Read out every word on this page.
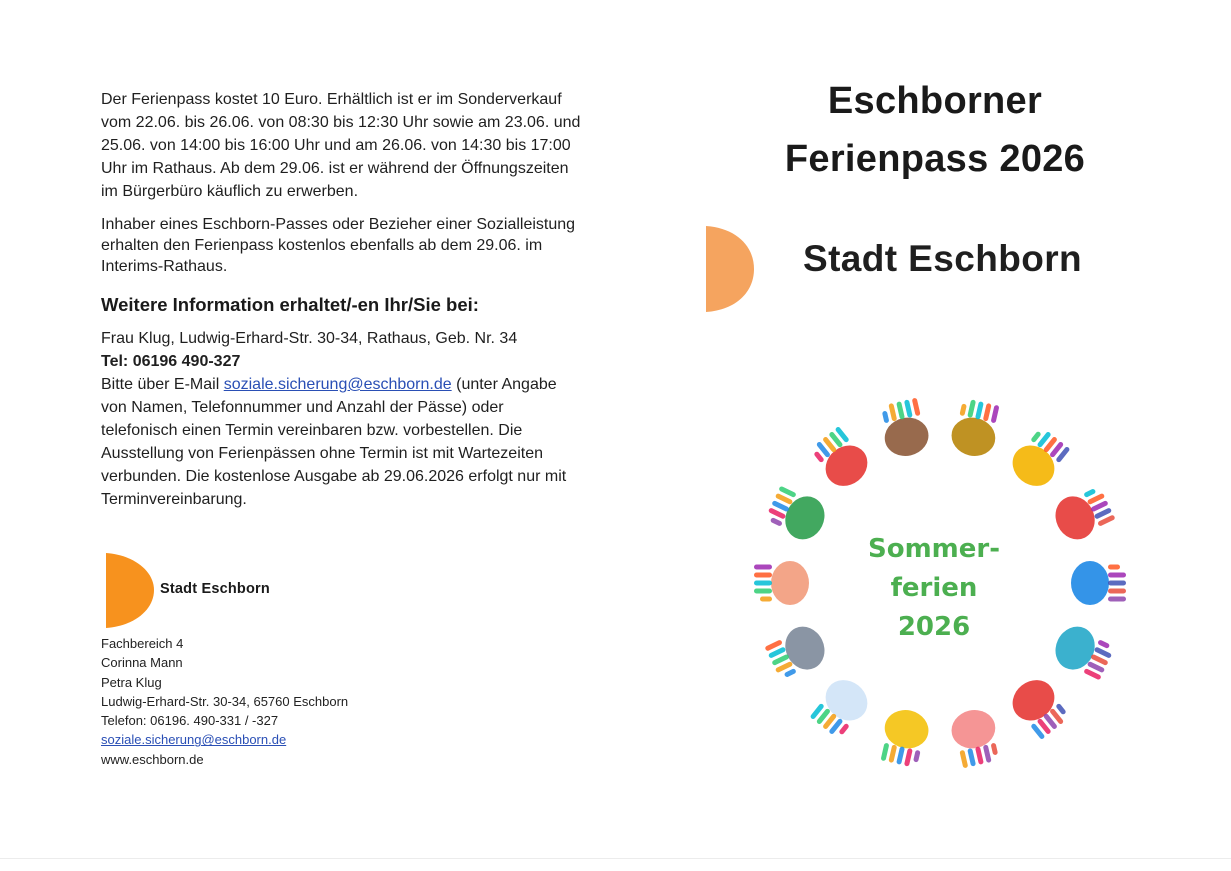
Der Ferienpass kostet 10 Euro. Erhältlich ist er im Sonderverkauf vom 22.06. bis 26.06. von 08:30 bis 12:30 Uhr sowie am 23.06. und 25.06. von 14:00 bis 16:00 Uhr und am 26.06. von 14:30 bis 17:00 Uhr im Rathaus. Ab dem 29.06. ist er während der Öffnungszeiten im Bürgerbüro käuflich zu erwerben.

Inhaber eines Eschborn-Passes oder Bezieher einer Sozialleistung erhalten den Ferienpass kostenlos ebenfalls ab dem 29.06. im Interims-Rathaus.

Weitere Information erhaltet/-en Ihr/Sie bei:
Frau Klug, Ludwig-Erhard-Str. 30-34, Rathaus, Geb. Nr. 34
Tel: 06196 490-327
Bitte über E-Mail soziale.sicherung@eschborn.de (unter Angabe von Namen, Telefonnummer und Anzahl der Pässe) oder telefonisch einen Termin vereinbaren bzw. vorbestellen. Die Ausstellung von Ferienpässen ohne Termin ist mit Wartezeiten verbunden. Die kostenlose Ausgabe ab 29.06.2026 erfolgt nur mit Terminvereinbarung.
Stadt Eschborn
Fachbereich 4
Corinna Mann
Petra Klug
Ludwig-Erhard-Str. 30-34, 65760 Eschborn
Telefon: 06196. 490-331 / -327
soziale.sicherung@eschborn.de
www.eschborn.de
Eschborner
Ferienpass 2026
Stadt Eschborn
Sommer-
ferien
2026
